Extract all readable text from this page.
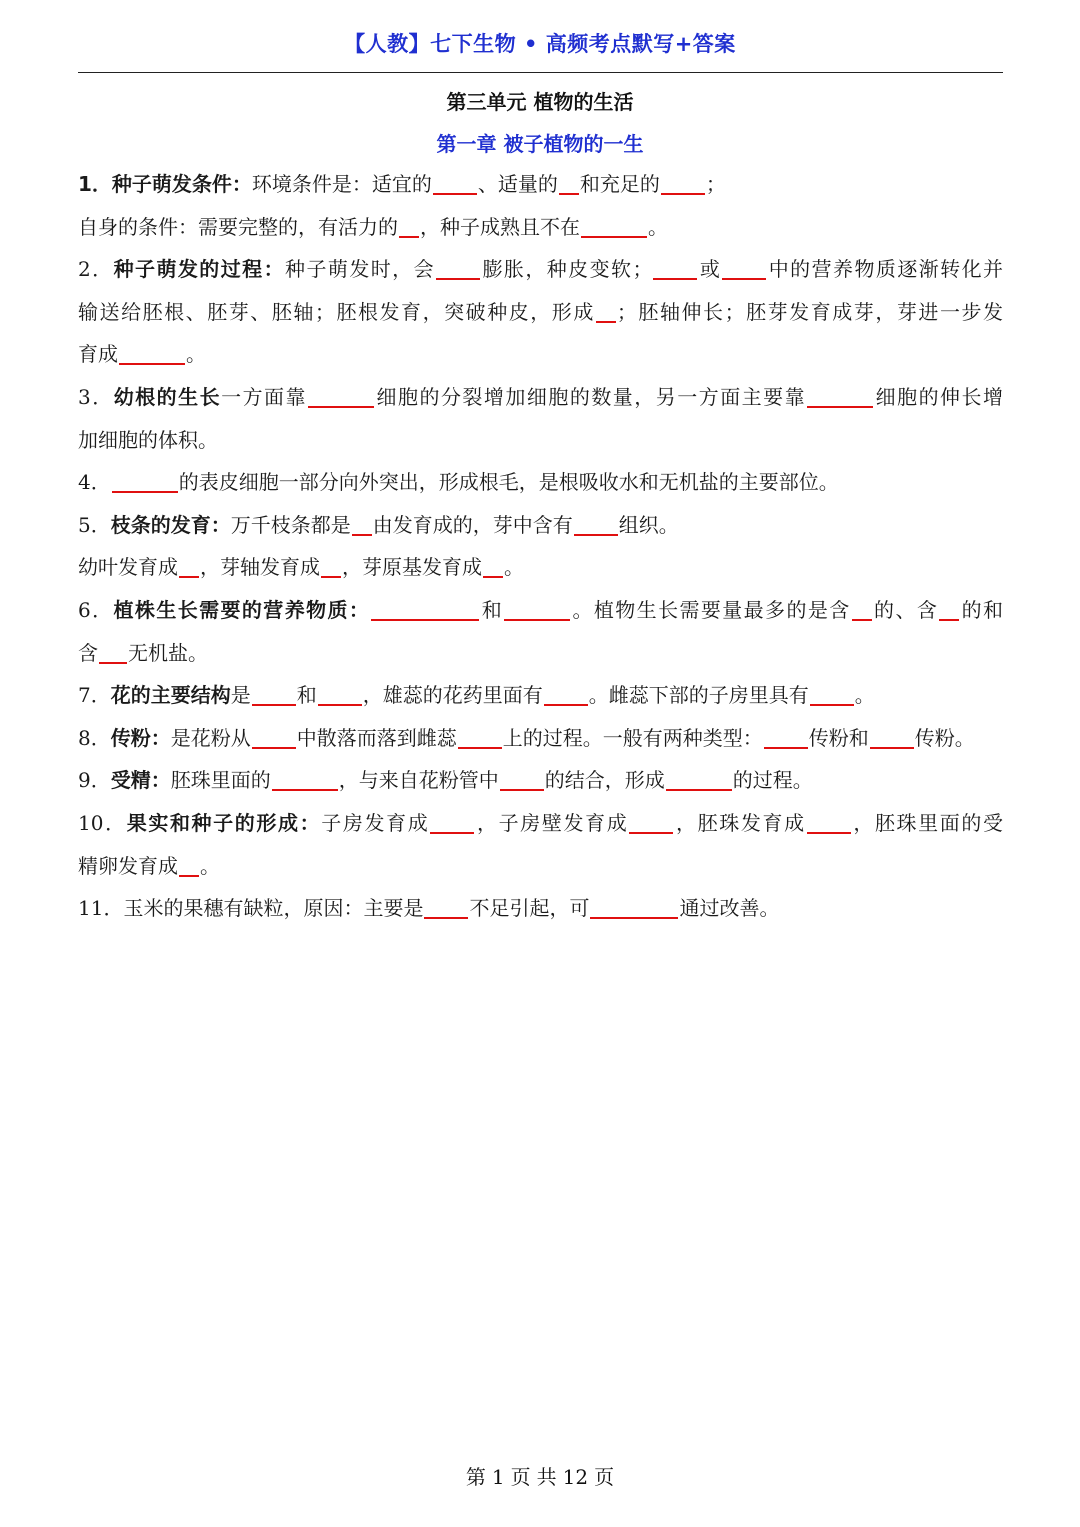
【人教】七下生物 • 高频考点默写+答案
第三单元 植物的生活
第一章 被子植物的一生
1．种子萌发条件：环境条件是：适宜的 、适量的 和充足的 ；
自身的条件：需要完整的，有活力的 ，种子成熟且不在	。
2．种子萌发的过程：种子萌发时，会 膨胀，种皮变软； 或 中的营养物质逐渐转化并
输送给胚根、胚芽、胚轴；胚根发育，突破种皮，形成 ；胚轴伸长；胚芽发育成芽，芽进一步发
育成	。
3．幼根的生长一方面靠	细胞的分裂增加细胞的数量，另一方面主要靠	细胞的伸长增
加细胞的体积。
4．	的表皮细胞一部分向外突出，形成根毛，是根吸收水和无机盐的主要部位。
5．枝条的发育：万千枝条都是 由发育成的，芽中含有 组织。
幼叶发育成 ，芽轴发育成 ，芽原基发育成 。
6．植株生长需要的营养物质：	和	。植物生长需要量最多的是含 的、含 的和
含 无机盐。
7．花的主要结构是 和 ，雄蕊的花药里面有 。雌蕊下部的子房里具有 。
8．传粉：是花粉从 中散落而落到雌蕊 上的过程。一般有两种类型： 传粉和 传粉。
9．受精：胚珠里面的	，与来自花粉管中 的结合，形成	的过程。
10．果实和种子的形成：子房发育成 ，子房壁发育成 ，胚珠发育成 ，胚珠里面的受
精卵发育成 。
11．玉米的果穗有缺粒，原因：主要是 不足引起，可	通过改善。
第 1 页 共 12 页
